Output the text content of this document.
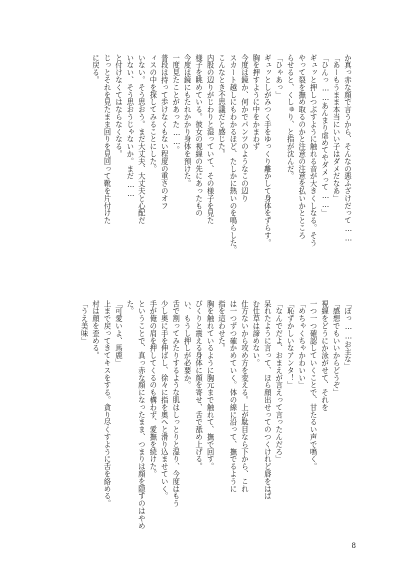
か真っ赤な顔で言うから、そんなの悪ふざけだって……
「あーもうまま本当にいい子はダメだなあ」
「ひんっ……あんまり虐めてやダメって……」
ギュッと押しつぶすように触れる音が大きくしなる。そう
やって裂を撫め取るのかと注意の注意を払いかとところ
らせると、くしゅり、と指が沈んだ。
「ひゃあっ」
ギュッとしがみつく手をゆっくり離かして身体をずらす。
胸を押すように中をかまわず
今度は鏡か、何かでパンツのようなこの辺り
スカート越しにもわかるほど、たしかに熱いのを鳴らした。
こんなとき不思議だと感じた。
内股の辺りがじわりと湿っていて、その様子を見た
様子を眺めている。彼女の視線の先にあったもの
今度は鏡にもたれかかり身体を預けた。
一度見たことがあった……。
普段は持って歩けなくもない程度の重さのオフ
ィスの中を探してみることにした。
いない。そう思おう。まだ大丈夫、大丈夫と心配だ
いない、そう思おうじゃないか。まだ……
と付けなくてはならなくなる。
じっとそれを見たまま回りを見回って靴を片付けた
に戻る。
「ぼっ……お主な」
「感想でもいいからどうぞ」
視線をどうにか泳がせて、それを
一つ一つ確認していくことで、甘たるい声で鳴く。
「めちゃくちゃかわいい」
「恥ずかしいなアンタ！」
「なんでだよ、おまえが言えって言ったんだろ」
呆れたように言って、ほら顔出せってのつくけれど唇をはば
む仕草は諦めない。
仕方ないから攻め方を変える。上が駄目なら下から、これ
は一つずつ確かめていく。体の線に沿って、撫でるように
指を這わせた。
胸を触れているように胸元まで触れて、撫で回す。
びくりと震える身体に顔を寄せ、舌で舐め上げる。
い、もうし押しが必要か。
舌で割ってみたりするような肌はしっとりと湿り、今度はもう
少し奥に手を伸ばし、徐々に指を奥へと滑り込ませていく。
手が俺の肩を押してくるのも構わず、愛撫を続けた。
ということで、真っ赤な顔になったまま、つまりは顔を隠すのはやめ
た。
「可愛いよ、馬鹿」
上まで戻ってきてキスをする。貪り尽くすように舌を絡める。
村は顔を歪める。
「うえ美味」
8
